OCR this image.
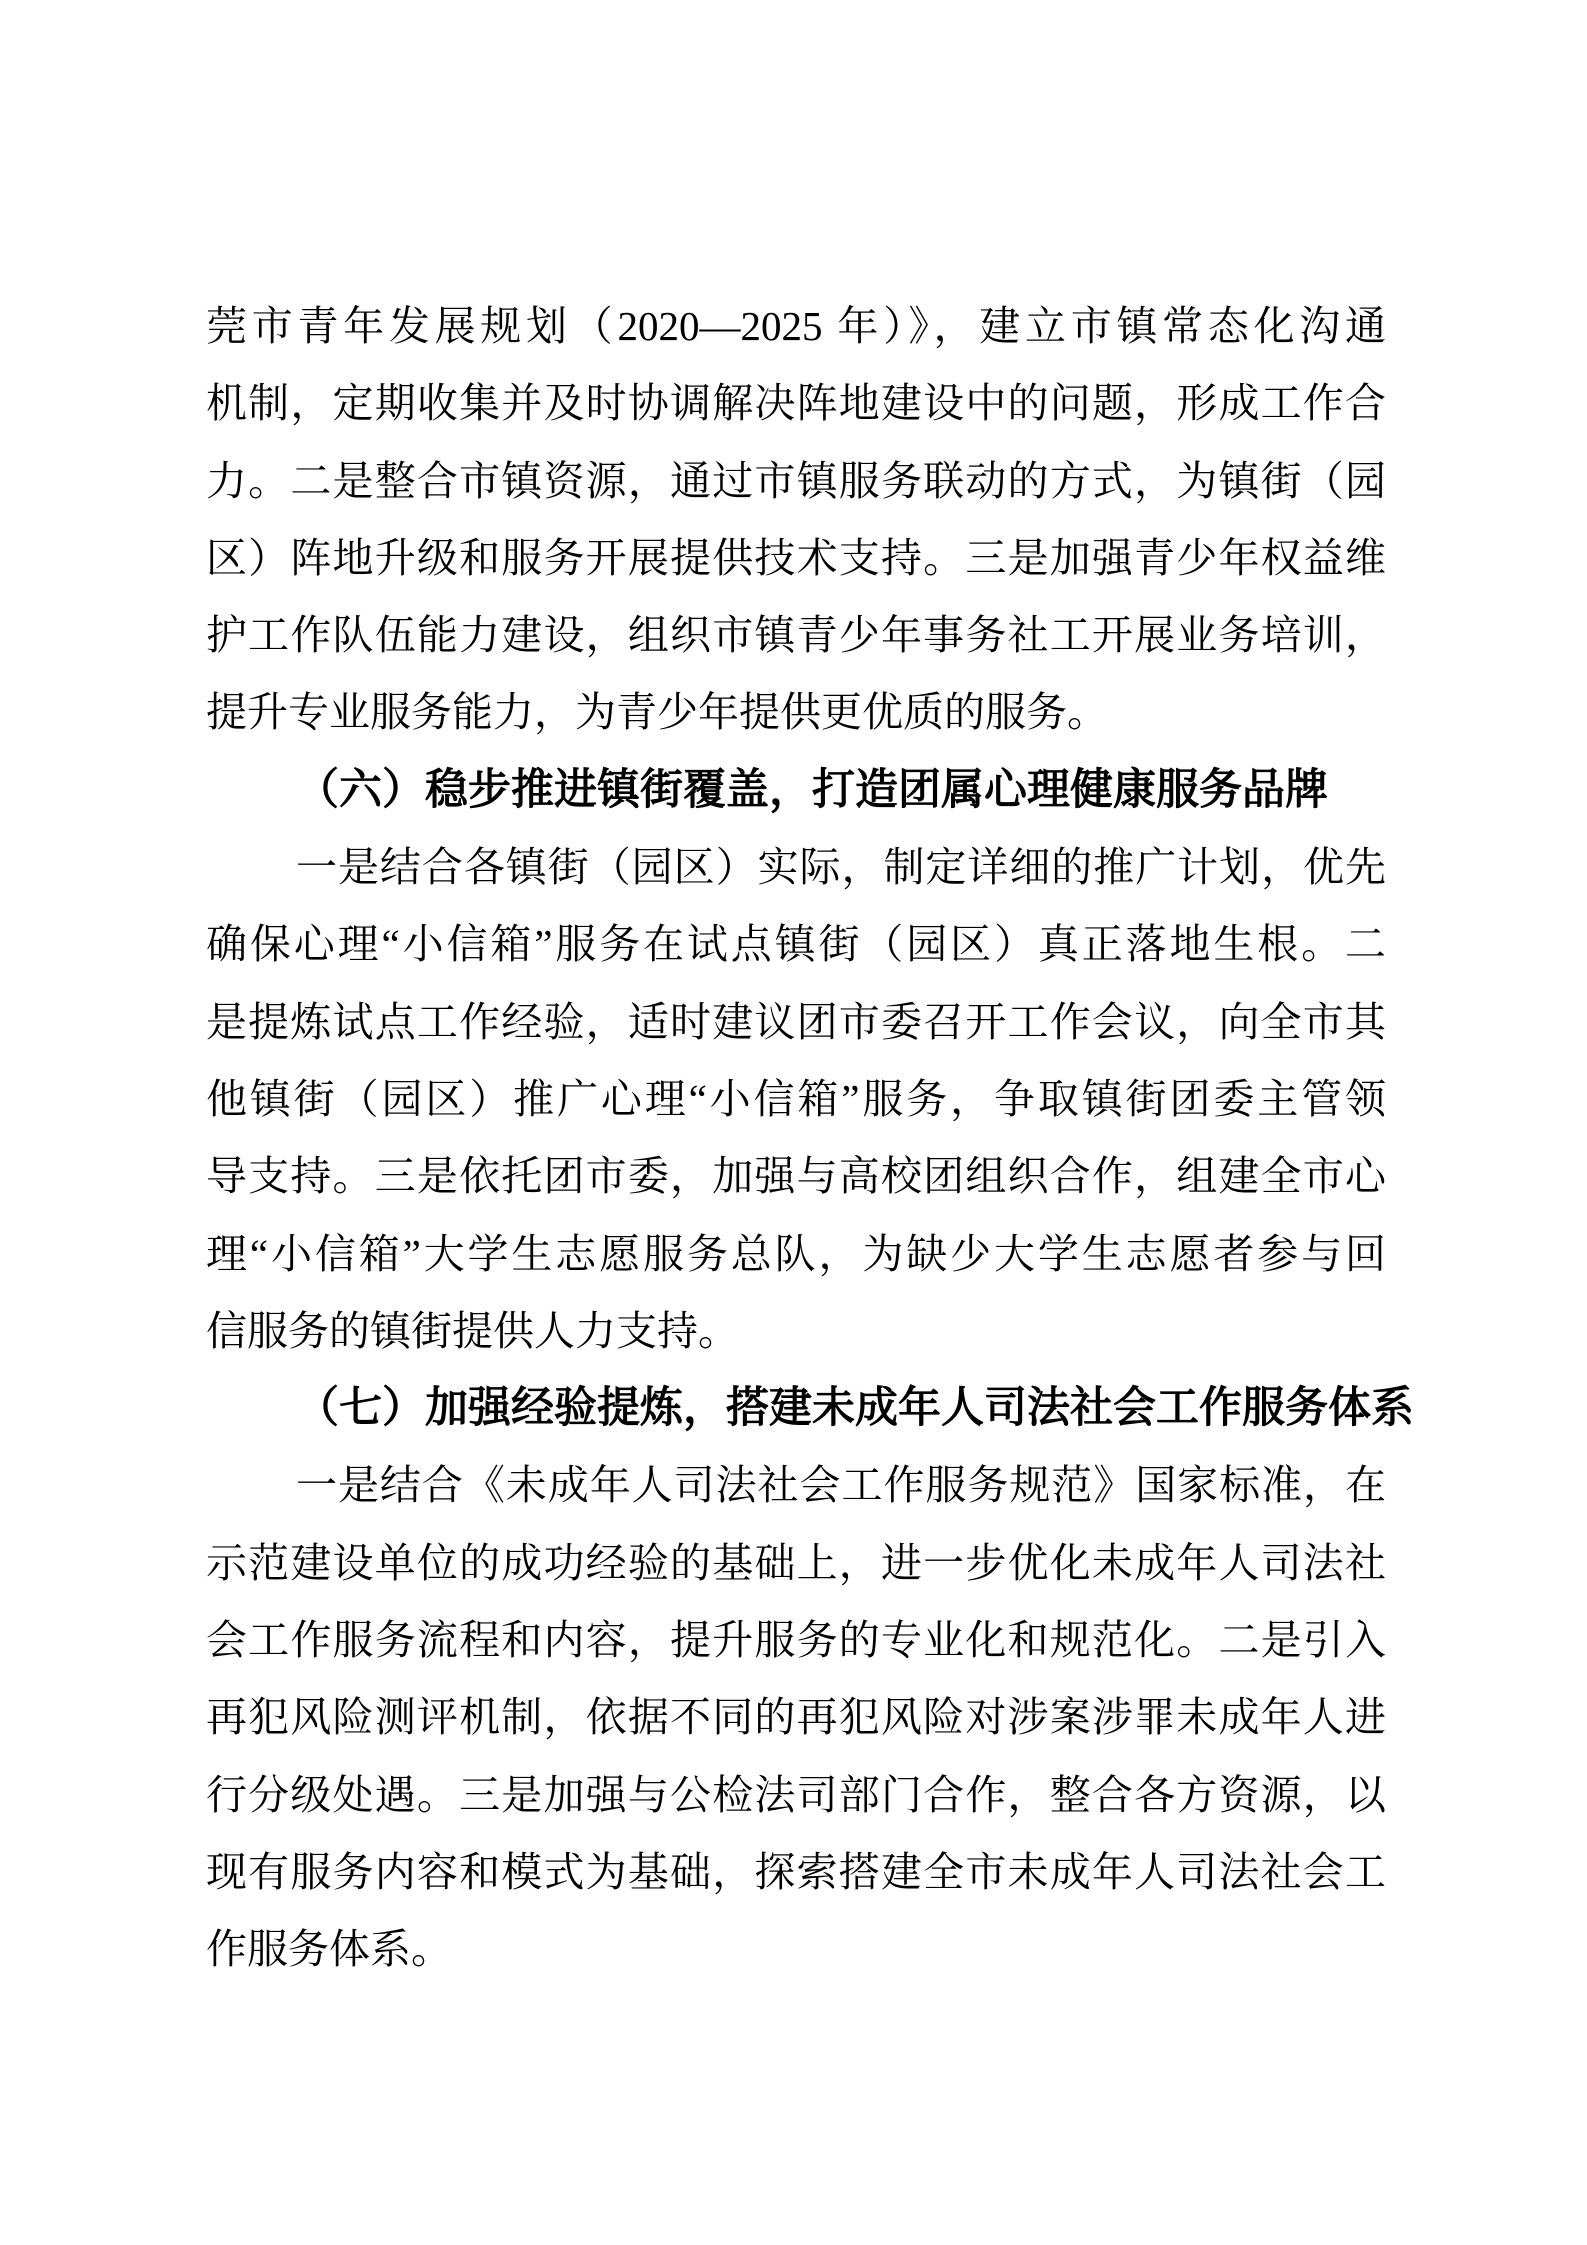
莞市青年发展规划（2020—2025 年）》，建立市镇常态化沟通
机制，定期收集并及时协调解决阵地建设中的问题，形成工作合
力。二是整合市镇资源，通过市镇服务联动的方式，为镇街（园
区）阵地升级和服务开展提供技术支持。三是加强青少年权益维
护工作队伍能力建设，组织市镇青少年事务社工开展业务培训，
提升专业服务能力，为青少年提供更优质的服务。
（六）稳步推进镇街覆盖，打造团属心理健康服务品牌
一是结合各镇街（园区）实际，制定详细的推广计划，优先
确保心理“小信箱”服务在试点镇街（园区）真正落地生根。二
是提炼试点工作经验，适时建议团市委召开工作会议，向全市其
他镇街（园区）推广心理“小信箱”服务，争取镇街团委主管领
导支持。三是依托团市委，加强与高校团组织合作，组建全市心
理“小信箱”大学生志愿服务总队，为缺少大学生志愿者参与回
信服务的镇街提供人力支持。
（七）加强经验提炼，搭建未成年人司法社会工作服务体系
一是结合《未成年人司法社会工作服务规范》国家标准，在
示范建设单位的成功经验的基础上，进一步优化未成年人司法社
会工作服务流程和内容，提升服务的专业化和规范化。二是引入
再犯风险测评机制，依据不同的再犯风险对涉案涉罪未成年人进
行分级处遇。三是加强与公检法司部门合作，整合各方资源，以
现有服务内容和模式为基础，探索搭建全市未成年人司法社会工
作服务体系。
